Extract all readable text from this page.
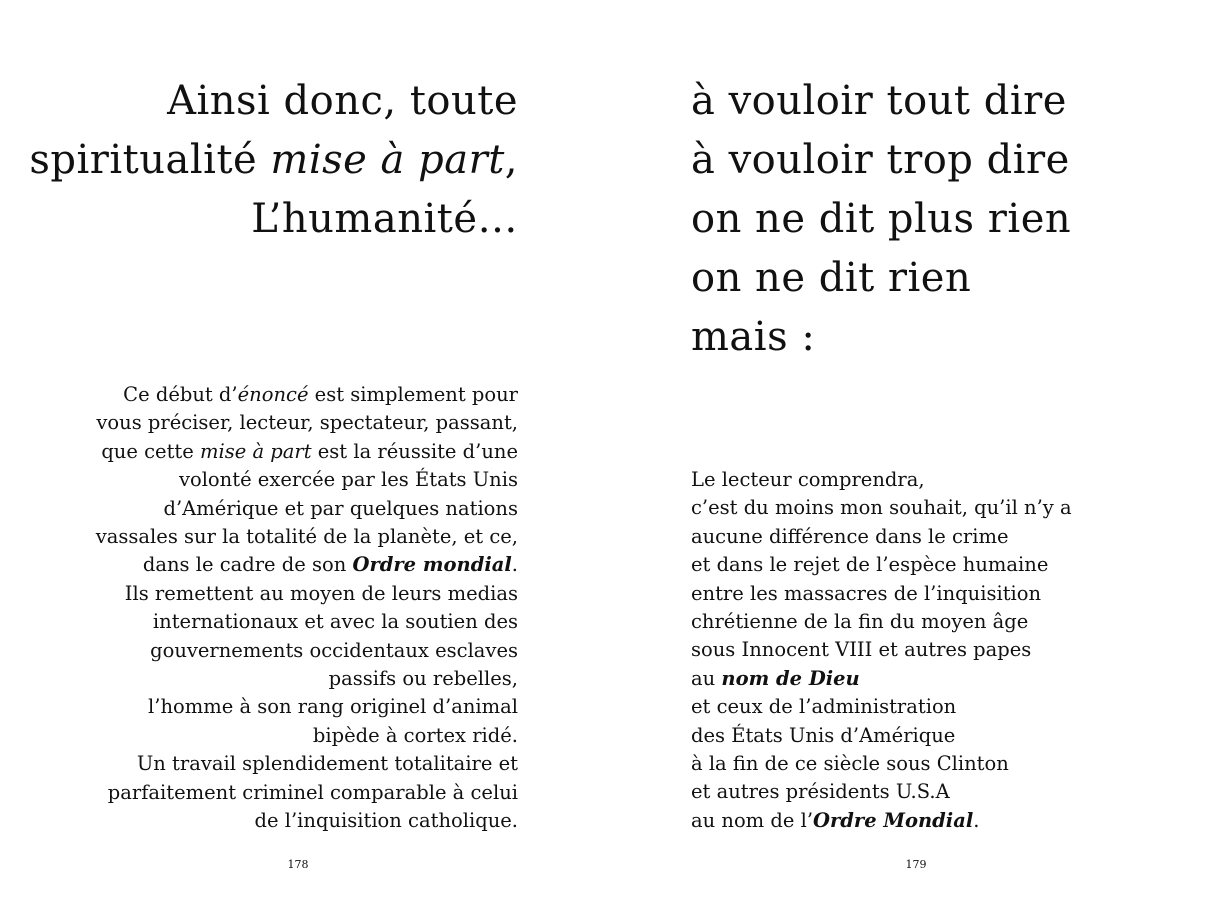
Ainsi donc, toute
spiritualité mise à part,
L’humanité…
Ce début d’énoncé est simplement pour
vous préciser, lecteur, spectateur, passant,
que cette mise à part est la réussite d’une
volonté exercée par les États Unis
d’Amérique et par quelques nations
vassales sur la totalité de la planète, et ce,
dans le cadre de son Ordre mondial.
Ils remettent au moyen de leurs medias
internationaux et avec la soutien des
gouvernements occidentaux esclaves
passifs ou rebelles,
l’homme à son rang originel d’animal
bipède à cortex ridé.
Un travail splendidement totalitaire et
parfaitement criminel comparable à celui
de l’inquisition catholique.
178
à vouloir tout dire
à vouloir trop dire
on ne dit plus rien
on ne dit rien
mais :
Le lecteur comprendra,
c’est du moins mon souhait, qu’il n’y a
aucune différence dans le crime
et dans le rejet de l’espèce humaine
entre les massacres de l’inquisition
chrétienne de la fin du moyen âge
sous Innocent VIII et autres papes
au nom de Dieu
et ceux de l’administration
des États Unis d’Amérique
à la fin de ce siècle sous Clinton
et autres présidents U.S.A
au nom de l’Ordre Mondial.
179
